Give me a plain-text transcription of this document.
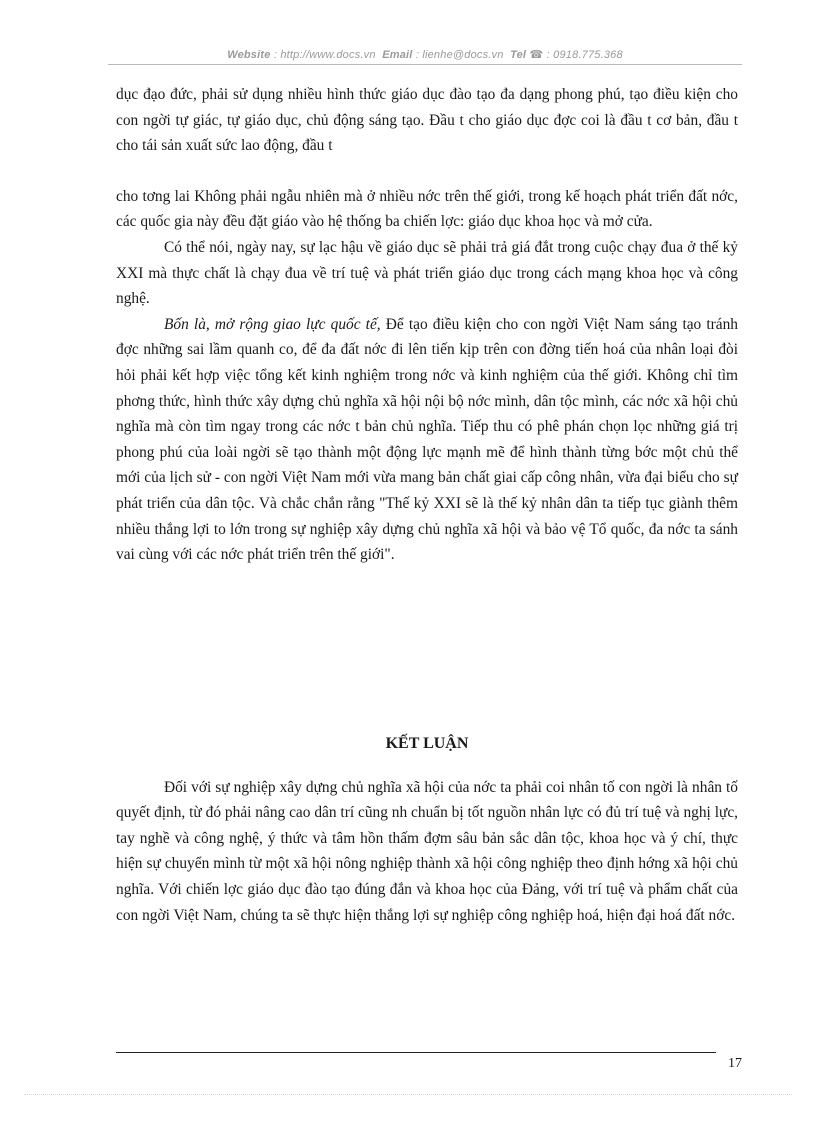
Website : http://www.docs.vn Email : lienhe@docs.vn Tel ☎ : 0918.775.368

dục đạo đức, phải sử dụng nhiều hình thức giáo dục đào tạo đa dạng phong phú, tạo điều kiện cho con ngời tự giác, tự giáo dục, chủ động sáng tạo. Đầu t cho giáo dục đợc coi là đầu t cơ bản, đầu t cho tái sản xuất sức lao động, đầu t

cho tơng lai Không phải ngẫu nhiên mà ở nhiều nớc trên thế giới, trong kế hoạch phát triển đất nớc, các quốc gia này đều đặt giáo vào hệ thống ba chiến lợc: giáo dục khoa học và mở cửa.

Có thể nói, ngày nay, sự lạc hậu về giáo dục sẽ phải trả giá đắt trong cuộc chạy đua ở thế kỷ XXI mà thực chất là chạy đua về trí tuệ và phát triển giáo dục trong cách mạng khoa học và công nghệ.

Bốn là, mở rộng giao lực quốc tế, Để tạo điều kiện cho con ngời Việt Nam sáng tạo tránh đợc những sai lầm quanh co, để đa đất nớc đi lên tiến kịp trên con đờng tiến hoá của nhân loại đòi hỏi phải kết hợp việc tổng kết kinh nghiệm trong nớc và kinh nghiệm của thế giới. Không chỉ tìm phơng thức, hình thức xây dựng chủ nghĩa xã hội nội bộ nớc mình, dân tộc mình, các nớc xã hội chủ nghĩa mà còn tìm ngay trong các nớc t bản chủ nghĩa. Tiếp thu có phê phán chọn lọc những giá trị phong phú của loài ngời sẽ tạo thành một động lực mạnh mẽ để hình thành từng bớc một chủ thể mới của lịch sử - con ngời Việt Nam mới vừa mang bản chất giai cấp công nhân, vừa đại biểu cho sự phát triển của dân tộc. Và chắc chắn rằng "Thế kỷ XXI sẽ là thế kỷ nhân dân ta tiếp tục giành thêm nhiều thắng lợi to lớn trong sự nghiệp xây dựng chủ nghĩa xã hội và bảo vệ Tổ quốc, đa nớc ta sánh vai cùng với các nớc phát triển trên thế giới".

KẾT LUẬN

Đối với sự nghiệp xây dựng chủ nghĩa xã hội của nớc ta phải coi nhân tố con ngời là nhân tố quyết định, từ đó phải nâng cao dân trí cũng nh chuẩn bị tốt nguồn nhân lực có đủ trí tuệ và nghị lực, tay nghề và công nghệ, ý thức và tâm hồn thấm đợm sâu bản sắc dân tộc, khoa học và ý chí, thực hiện sự chuyển mình từ một xã hội nông nghiệp thành xã hội công nghiệp theo định hớng xã hội chủ nghĩa. Với chiến lợc giáo dục đào tạo đúng đắn và khoa học của Đảng, với trí tuệ và phẩm chất của con ngời Việt Nam, chúng ta sẽ thực hiện thắng lợi sự nghiệp công nghiệp hoá, hiện đại hoá đất nớc.

17
